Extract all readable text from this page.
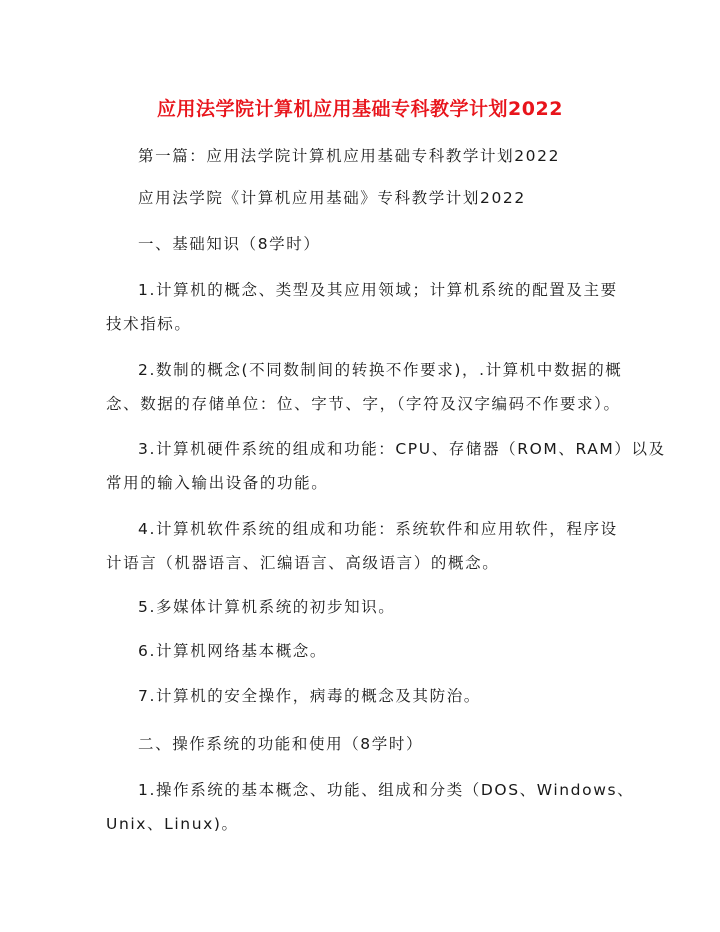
应用法学院计算机应用基础专科教学计划2022
第一篇：应用法学院计算机应用基础专科教学计划2022
应用法学院《计算机应用基础》专科教学计划2022
一、基础知识（8学时）
1.计算机的概念、类型及其应用领域；计算机系统的配置及主要
技术指标。
2.数制的概念(不同数制间的转换不作要求)，.计算机中数据的概
念、数据的存储单位：位、字节、字，（字符及汉字编码不作要求）。
3.计算机硬件系统的组成和功能：CPU、存储器（ROM、RAM）以及
常用的输入输出设备的功能。
4.计算机软件系统的组成和功能：系统软件和应用软件，程序设
计语言（机器语言、汇编语言、高级语言）的概念。
5.多媒体计算机系统的初步知识。
6.计算机网络基本概念。
7.计算机的安全操作，病毒的概念及其防治。
二、操作系统的功能和使用（8学时）
1.操作系统的基本概念、功能、组成和分类（DOS、Windows、
Unix、Linux)。
